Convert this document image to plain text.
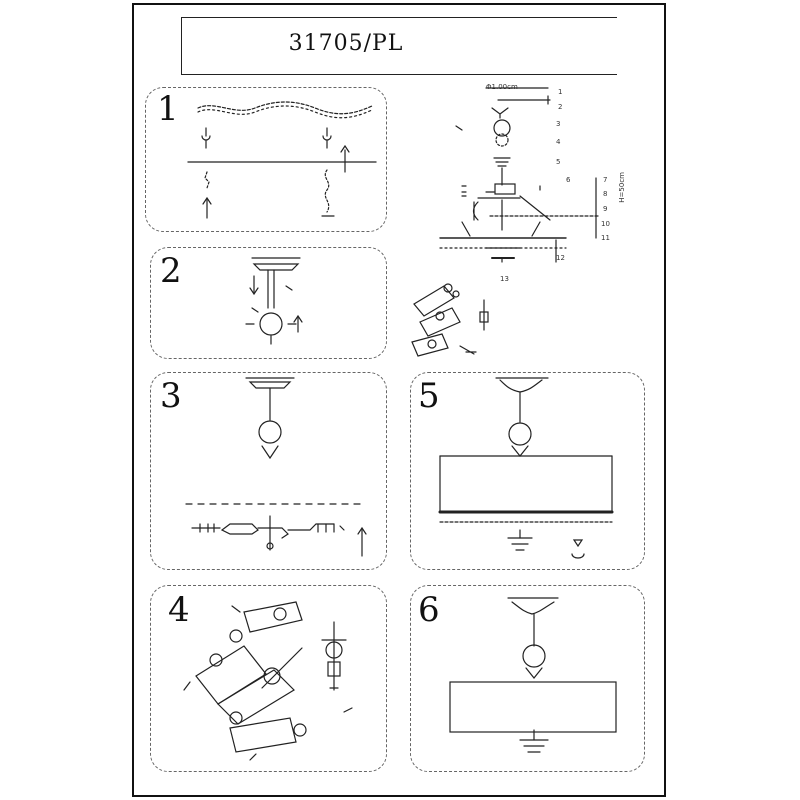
31705/PL
1
2
3	5
4	6
Φ1.00cm
H=50cm
1
2
3
4
5
6	7
8
9
10
11
12
13
